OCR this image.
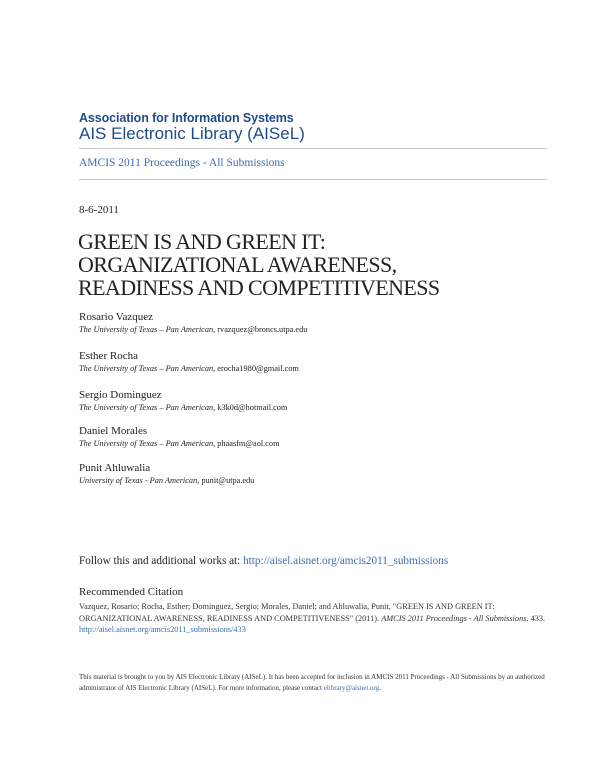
Association for Information Systems
AIS Electronic Library (AISeL)
AMCIS 2011 Proceedings - All Submissions
8-6-2011
GREEN IS AND GREEN IT:
ORGANIZATIONAL AWARENESS,
READINESS AND COMPETITIVENESS
Rosario Vazquez
The University of Texas – Pan American, rvazquez@broncs.utpa.edu
Esther Rocha
The University of Texas – Pan American, erocha1980@gmail.com
Sergio Dominguez
The University of Texas – Pan American, k3k0d@hotmail.com
Daniel Morales
The University of Texas – Pan American, phaasfm@aol.com
Punit Ahluwalia
University of Texas - Pan American, punit@utpa.edu
Follow this and additional works at: http://aisel.aisnet.org/amcis2011_submissions
Recommended Citation
Vazquez, Rosario; Rocha, Esther; Dominguez, Sergio; Morales, Daniel; and Ahluwalia, Punit, "GREEN IS AND GREEN IT: ORGANIZATIONAL AWARENESS, READINESS AND COMPETITIVENESS" (2011). AMCIS 2011 Proceedings - All Submissions. 433.
http://aisel.aisnet.org/amcis2011_submissions/433
This material is brought to you by AIS Electronic Library (AISeL). It has been accepted for inclusion in AMCIS 2011 Proceedings - All Submissions by an authorized administrator of AIS Electronic Library (AISeL). For more information, please contact elibrary@aisnet.org.
